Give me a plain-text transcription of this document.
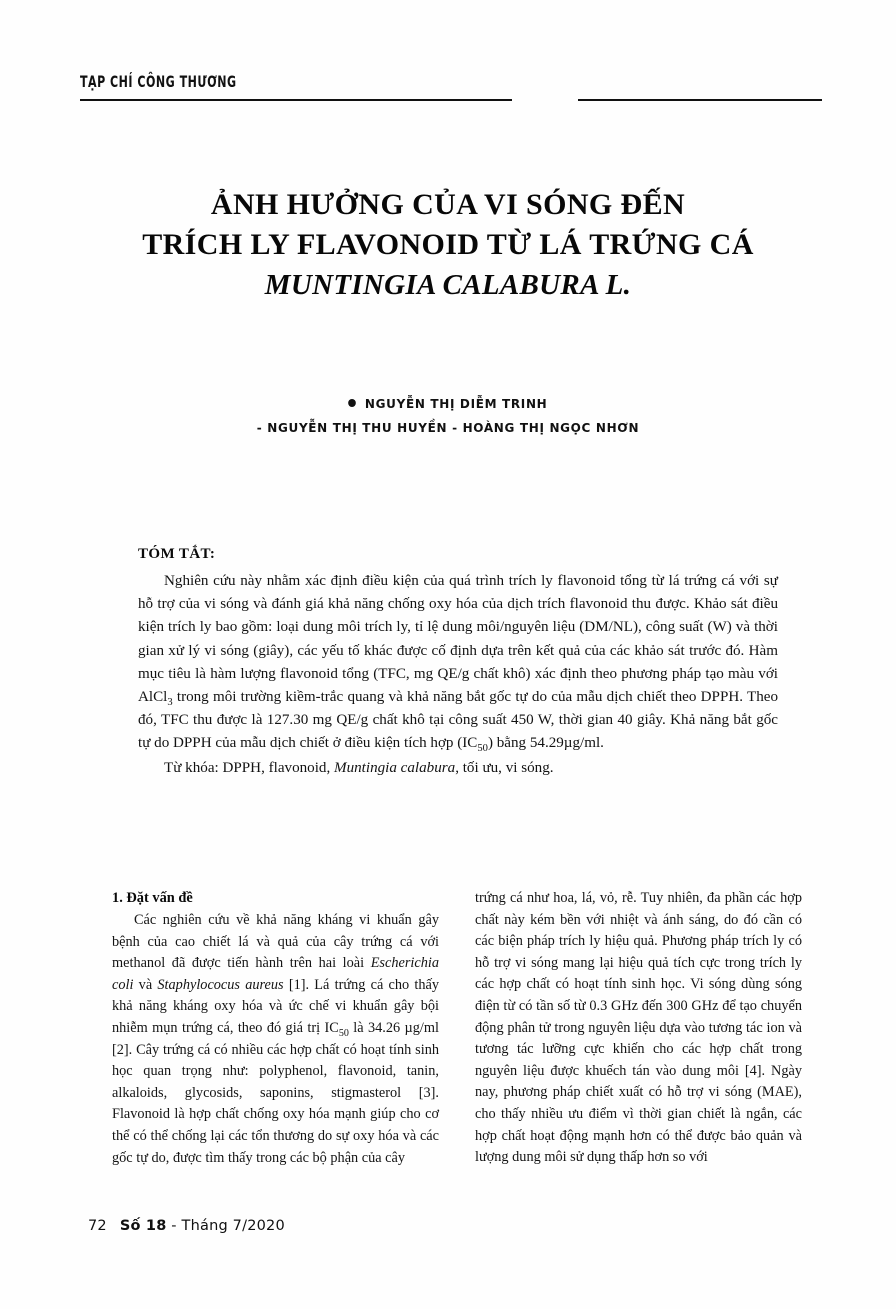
TẠP CHÍ CÔNG THƯƠNG
ẢNH HƯỞNG CỦA VI SÓNG ĐẾN
TRÍCH LY FLAVONOID TỪ LÁ TRỨNG CÁ
MUNTINGIA CALABURA L.
NGUYỄN THỊ DIỄM TRINH
- NGUYỄN THỊ THU HUYỀN - HOÀNG THỊ NGỌC NHƠN
TÓM TẮT:
Nghiên cứu này nhằm xác định điều kiện của quá trình trích ly flavonoid tổng từ lá trứng cá với sự hỗ trợ của vi sóng và đánh giá khả năng chống oxy hóa của dịch trích flavonoid thu được. Khảo sát điều kiện trích ly bao gồm: loại dung môi trích ly, tỉ lệ dung môi/nguyên liệu (DM/NL), công suất (W) và thời gian xử lý vi sóng (giây), các yếu tố khác được cố định dựa trên kết quả của các khảo sát trước đó. Hàm mục tiêu là hàm lượng flavonoid tổng (TFC, mg QE/g chất khô) xác định theo phương pháp tạo màu với AlCl$_3$ trong môi trường kiềm-trắc quang và khả năng bắt gốc tự do của mẫu dịch chiết theo DPPH. Theo đó, TFC thu được là 127.30 mg QE/g chất khô tại công suất 450 W, thời gian 40 giây. Khả năng bắt gốc tự do DPPH của mẫu dịch chiết ở điều kiện tích hợp $(IC_{50})$ bằng 54.29µg/ml.
Từ khóa: DPPH, flavonoid, Muntingia calabura, tối ưu, vi sóng.
1. Đặt vấn đề

Các nghiên cứu về khả năng kháng vi khuẩn gây bệnh của cao chiết lá và quả của cây trứng cá với methanol đã được tiến hành trên hai loài Escherichia coli và Staphylococus aureus [1]. Lá trứng cá cho thấy khả năng kháng oxy hóa và ức chế vi khuẩn gây bội nhiễm mụn trứng cá, theo đó giá trị $IC_{50}$ là 34.26 µg/ml [2]. Cây trứng cá có nhiều các hợp chất có hoạt tính sinh học quan trọng như: polyphenol, flavonoid, tanin, alkaloids, glycosids, saponins, stigmasterol [3]. Flavonoid là hợp chất chống oxy hóa mạnh giúp cho cơ thể có thể chống lại các tổn thương do sự oxy hóa và các gốc tự do, được tìm thấy trong các bộ phận của cây

trứng cá như hoa, lá, vỏ, rễ. Tuy nhiên, đa phần các hợp chất này kém bền với nhiệt và ánh sáng, do đó cần có các biện pháp trích ly hiệu quả. Phương pháp trích ly có hỗ trợ vi sóng mang lại hiệu quả tích cực trong trích ly các hợp chất có hoạt tính sinh học. Vi sóng dùng sóng điện từ có tần số từ 0.3 GHz đến 300 GHz để tạo chuyển động phân tử trong nguyên liệu dựa vào tương tác ion và tương tác lưỡng cực khiến cho các hợp chất trong nguyên liệu được khuếch tán vào dung môi [4]. Ngày nay, phương pháp chiết xuất có hỗ trợ vi sóng (MAE), cho thấy nhiều ưu điểm vì thời gian chiết là ngắn, các hợp chất hoạt động mạnh hơn có thể được bảo quản và lượng dung môi sử dụng thấp hơn so với

72 Số 18 - Tháng 7/2020
